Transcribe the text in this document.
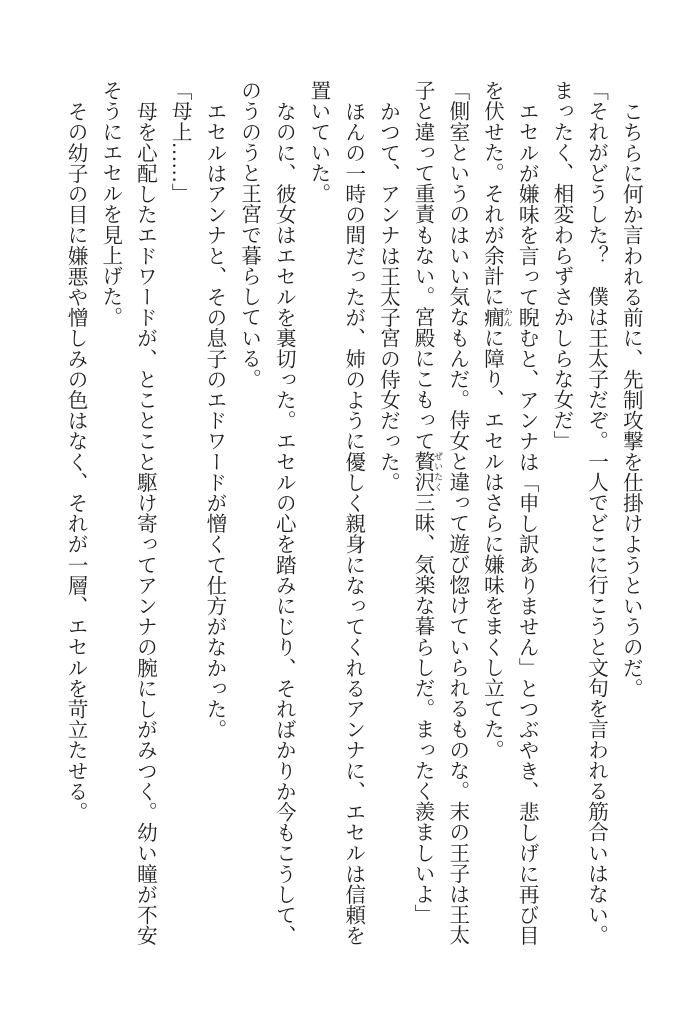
こちらに何か言われる前に、先制攻撃を仕掛けようというのだ。
「それがどうした？　僕は王太子だぞ。一人でどこに行こうと文句を言われる筋合いはない。
まったく、相変わらずさかしらな女だ」
エセルが嫌味を言って睨むと、アンナは「申し訳ありません」とつぶやき、悲しげに再び目
を伏せた。それが余計に癇 かんに障り、エセルはさらに嫌味をまくし立てた。
「側室というのはいい気なもんだ。侍女と違って遊び惚けていられるものな。末の王子は王太
子と違って重責もない。宮殿にこもって贅沢 ぜいたく三昧、気楽な暮らしだ。まったく羨ましいよ」
かつて、アンナは王太子宮の侍女だった。
ほんの一時の間だったが、姉のように優しく親身になってくれるアンナに、エセルは信頼を
置いていた。
なのに、彼女はエセルを裏切った。エセルの心を踏みにじり、そればかりか今もこうして、
のうのうと王宮で暮らしている。
エセルはアンナと、その息子のエドワードが憎くて仕方がなかった。
「母上……」
母を心配したエドワードが、とことこと駆け寄ってアンナの腕にしがみつく。幼い瞳が不安
そうにエセルを見上げた。
その幼子の目に嫌悪や憎しみの色はなく、それが一層、エセルを苛立たせる。
